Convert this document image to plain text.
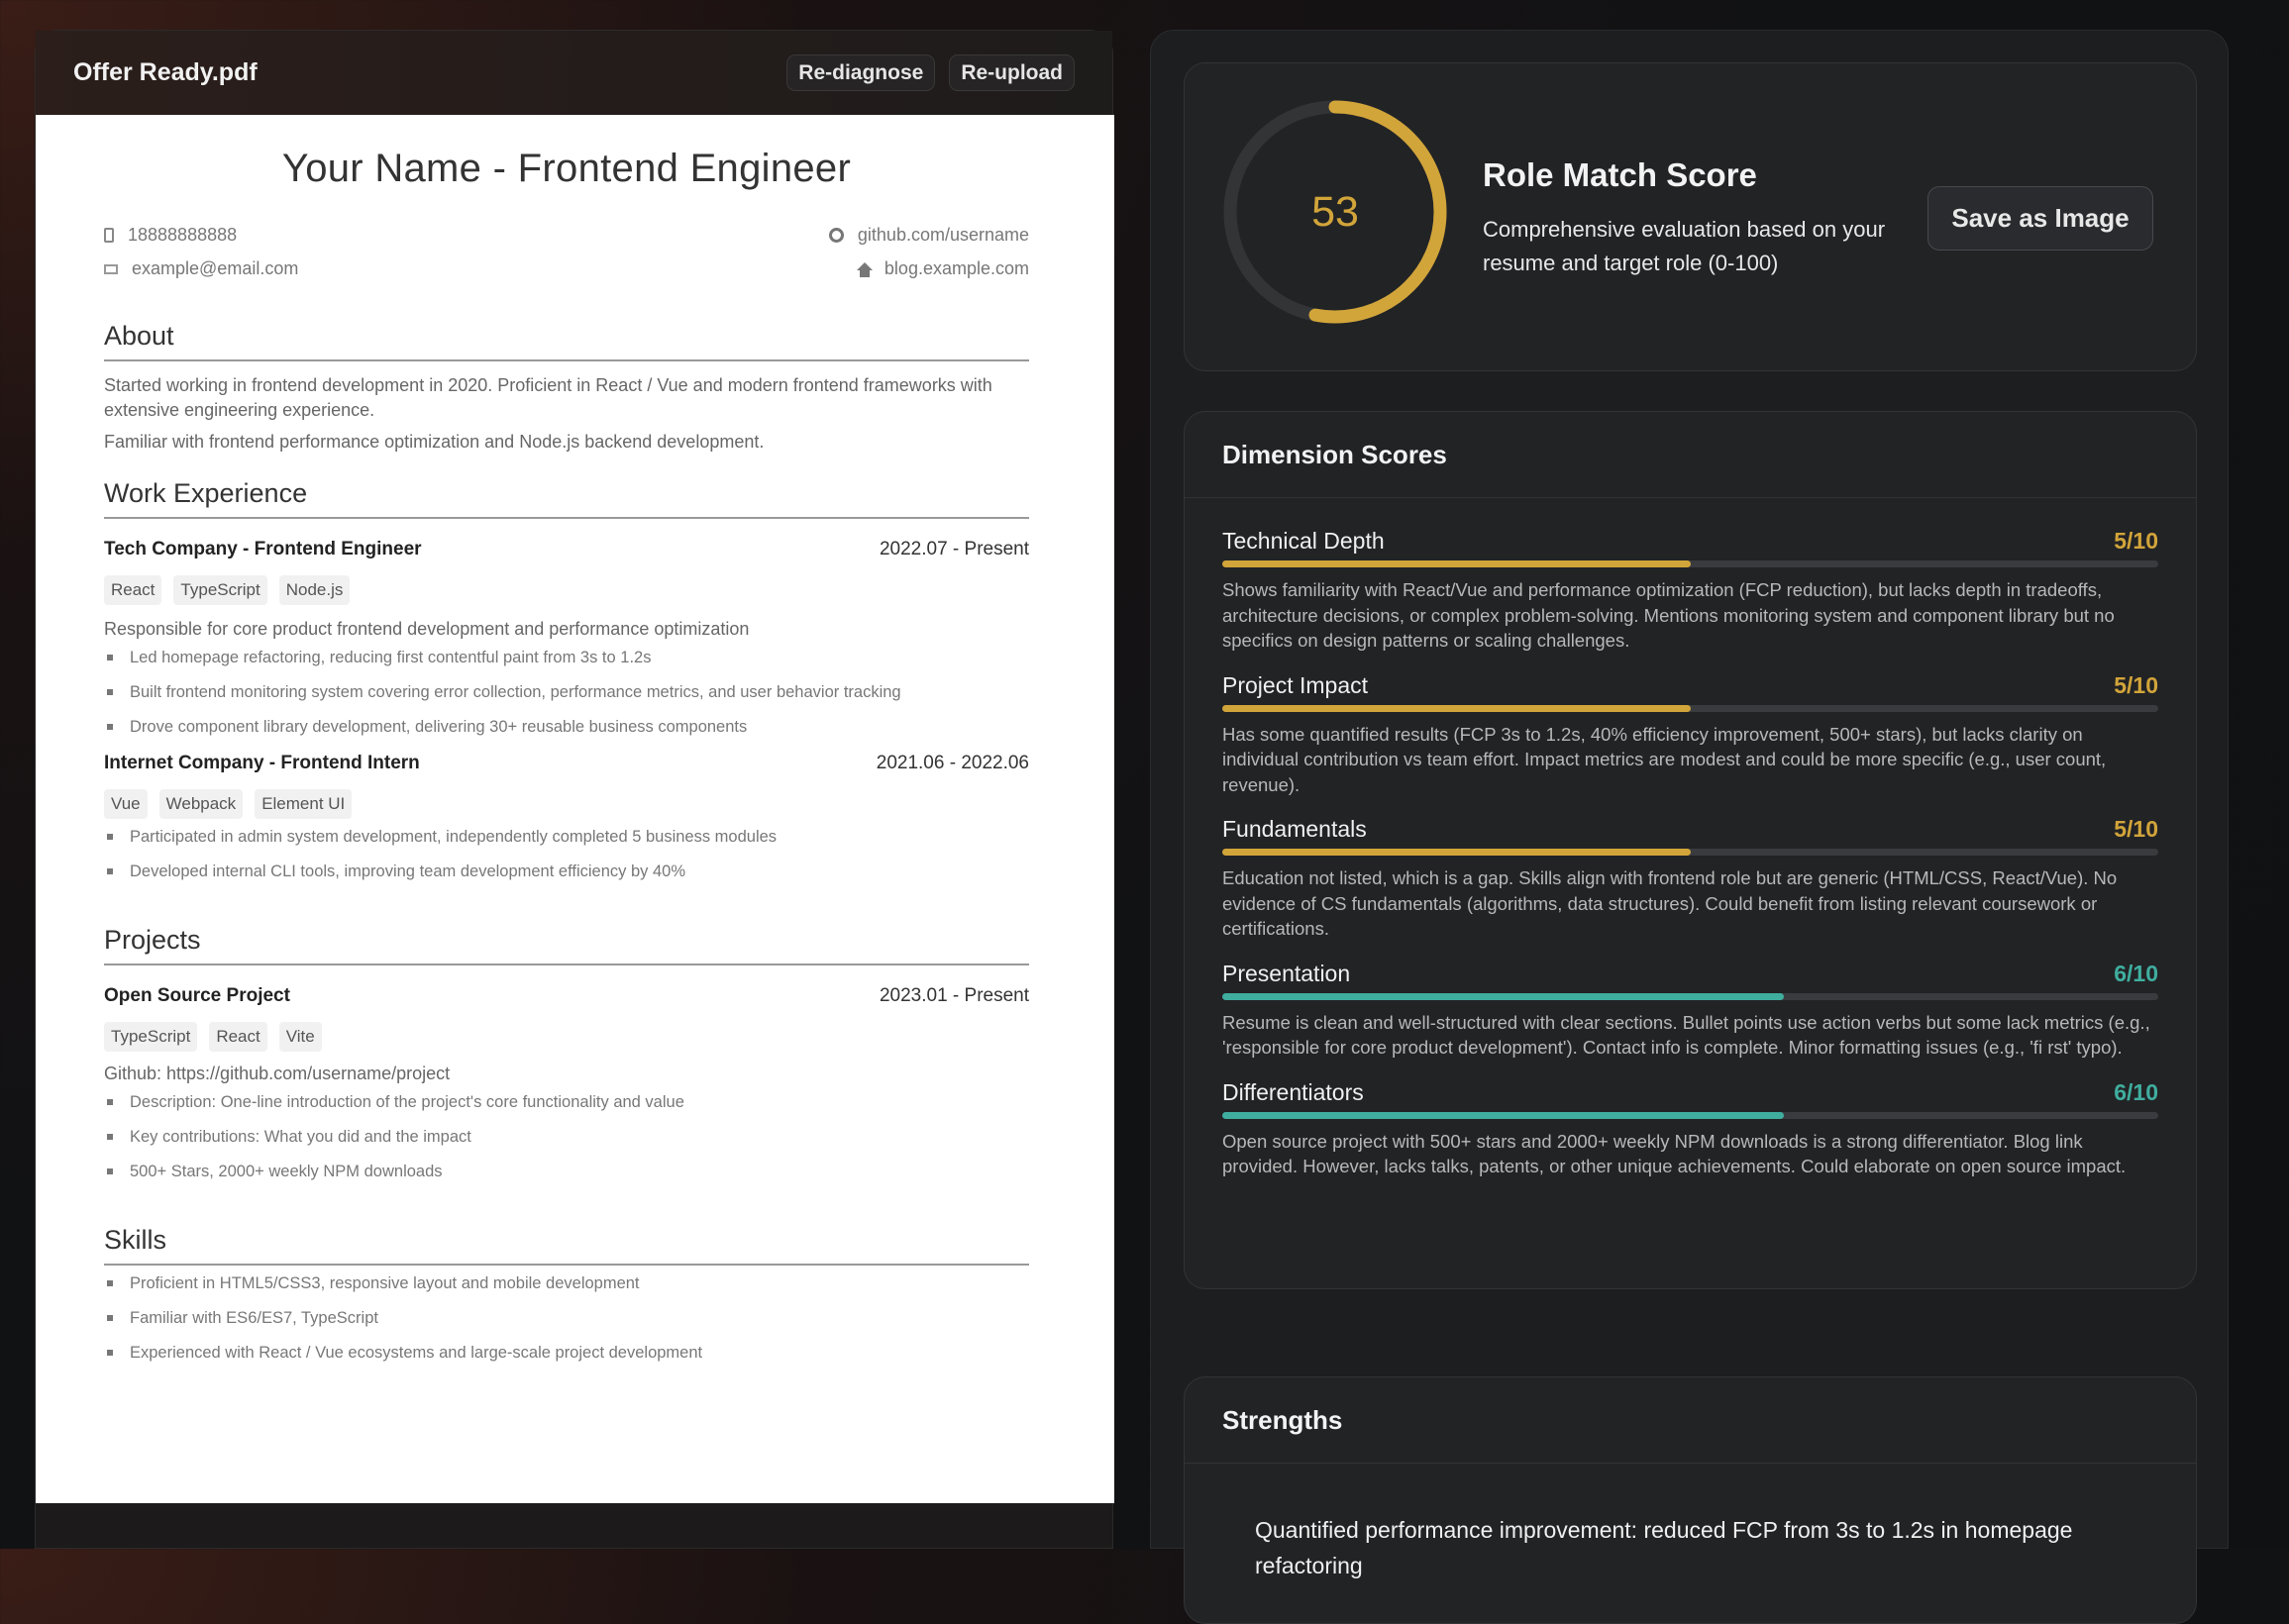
Offer Ready.pdf	Re-diagnose	Re-upload
Your Name - Frontend Engineer
18888888888
example@email.com
github.com/username
blog.example.com
About
Started working in frontend development in 2020. Proficient in React / Vue and modern frontend frameworks with extensive engineering experience.
Familiar with frontend performance optimization and Node.js backend development.
Work Experience
Tech Company - Frontend Engineer	2022.07 - Present
React	TypeScript	Node.js
Responsible for core product frontend development and performance optimization
Led homepage refactoring, reducing first contentful paint from 3s to 1.2s
Built frontend monitoring system covering error collection, performance metrics, and user behavior tracking
Drove component library development, delivering 30+ reusable business components
Internet Company - Frontend Intern	2021.06 - 2022.06
Vue	Webpack	Element UI
Participated in admin system development, independently completed 5 business modules
Developed internal CLI tools, improving team development efficiency by 40%
Projects
Open Source Project	2023.01 - Present
TypeScript	React	Vite
Github: https://github.com/username/project
Description: One-line introduction of the project's core functionality and value
Key contributions: What you did and the impact
500+ Stars, 2000+ weekly NPM downloads
Skills
Proficient in HTML5/CSS3, responsive layout and mobile development
Familiar with ES6/ES7, TypeScript
Experienced with React / Vue ecosystems and large-scale project development
53
Role Match Score
Comprehensive evaluation based on your resume and target role (0-100)
Save as Image
Dimension Scores
Technical Depth	5/10
Shows familiarity with React/Vue and performance optimization (FCP reduction), but lacks depth in tradeoffs, architecture decisions, or complex problem-solving. Mentions monitoring system and component library but no specifics on design patterns or scaling challenges.
Project Impact	5/10
Has some quantified results (FCP 3s to 1.2s, 40% efficiency improvement, 500+ stars), but lacks clarity on individual contribution vs team effort. Impact metrics are modest and could be more specific (e.g., user count, revenue).
Fundamentals	5/10
Education not listed, which is a gap. Skills align with frontend role but are generic (HTML/CSS, React/Vue). No evidence of CS fundamentals (algorithms, data structures). Could benefit from listing relevant coursework or certifications.
Presentation	6/10
Resume is clean and well-structured with clear sections. Bullet points use action verbs but some lack metrics (e.g., 'responsible for core product development'). Contact info is complete. Minor formatting issues (e.g., 'fi rst' typo).
Differentiators	6/10
Open source project with 500+ stars and 2000+ weekly NPM downloads is a strong differentiator. Blog link provided. However, lacks talks, patents, or other unique achievements. Could elaborate on open source impact.
Strengths
Quantified performance improvement: reduced FCP from 3s to 1.2s in homepage refactoring
